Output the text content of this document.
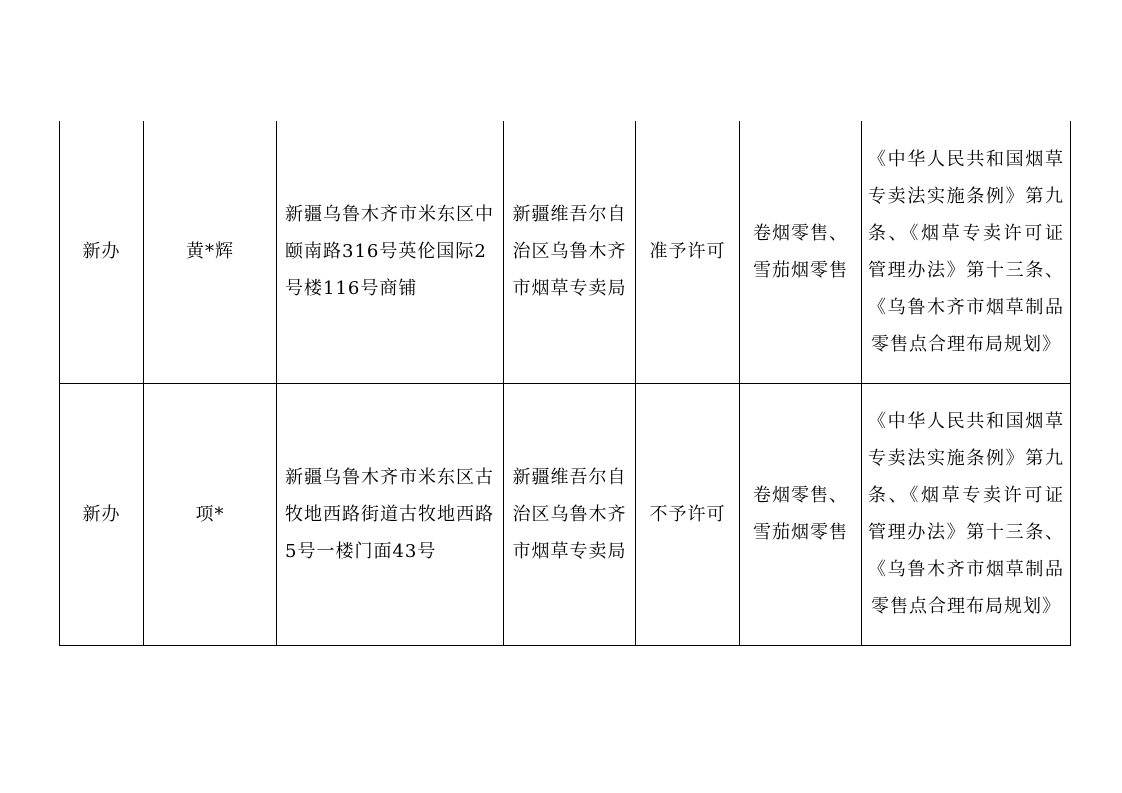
新办	黄*辉	新疆乌鲁木齐市米东区中颐南路316号英伦国际2号楼116号商铺	新疆维吾尔自治区乌鲁木齐市烟草专卖局	准予许可	卷烟零售、雪茄烟零售	《中华人民共和国烟草专卖法实施条例》第九条、《烟草专卖许可证管理办法》第十三条、《乌鲁木齐市烟草制品零售点合理布局规划》
新办	项*	新疆乌鲁木齐市米东区古牧地西路街道古牧地西路5号一楼门面43号	新疆维吾尔自治区乌鲁木齐市烟草专卖局	不予许可	卷烟零售、雪茄烟零售	《中华人民共和国烟草专卖法实施条例》第九条、《烟草专卖许可证管理办法》第十三条、《乌鲁木齐市烟草制品零售点合理布局规划》
